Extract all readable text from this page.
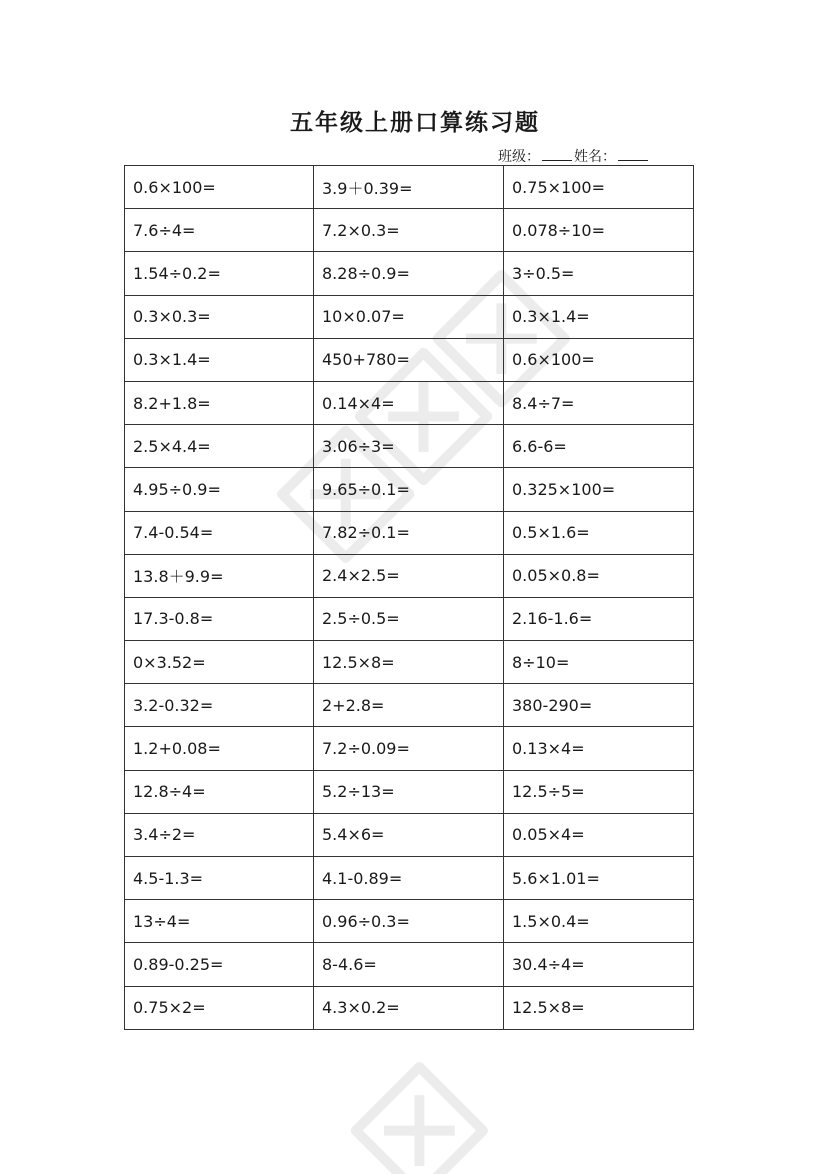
五年级上册口算练习题
班级： 姓名：
0.6×100=	3.9＋0.39=	0.75×100=
7.6÷4=	7.2×0.3=	0.078÷10=
1.54÷0.2=	8.28÷0.9=	3÷0.5=
0.3×0.3=	10×0.07=	0.3×1.4=
0.3×1.4=	450+780=	0.6×100=
8.2+1.8=	0.14×4=	8.4÷7=
2.5×4.4=	3.06÷3=	6.6-6=
4.95÷0.9=	9.65÷0.1=	0.325×100=
7.4-0.54=	7.82÷0.1=	0.5×1.6=
13.8＋9.9=	2.4×2.5=	0.05×0.8=
17.3-0.8=	2.5÷0.5=	2.16-1.6=
0×3.52=	12.5×8=	8÷10=
3.2-0.32=	2+2.8=	380-290=
1.2+0.08=	7.2÷0.09=	0.13×4=
12.8÷4=	5.2÷13=	12.5÷5=
3.4÷2=	5.4×6=	0.05×4=
4.5-1.3=	4.1-0.89=	5.6×1.01=
13÷4=	0.96÷0.3=	1.5×0.4=
0.89-0.25=	8-4.6=	30.4÷4=
0.75×2=	4.3×0.2=	12.5×8=
